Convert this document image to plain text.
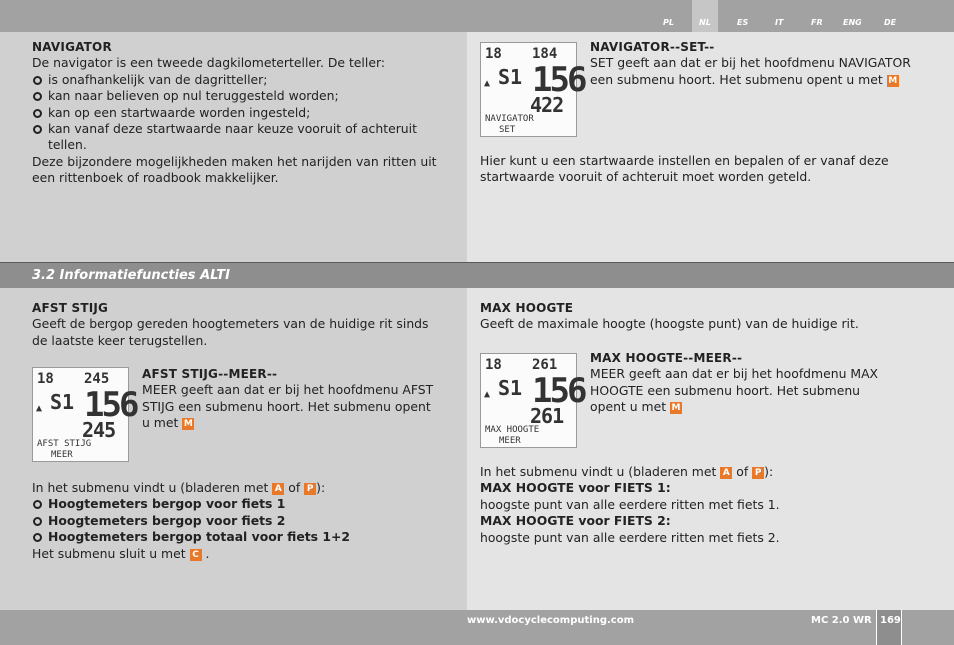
PL	NL	ES	IT	FR	ENG	DE
3.2 Informatiefuncties ALTI
NAVIGATOR
De navigator is een tweede dagkilometerteller. De teller:
is onafhankelijk van de dagritteller;
kan naar believen op nul teruggesteld worden;
kan op een startwaarde worden ingesteld;
kan vanaf deze startwaarde naar keuze vooruit of achteruit tellen.
Deze bijzondere mogelijkheden maken het narijden van ritten uit een rittenboek of roadbook makkelijker.
18 184
▲ S1 156
422
NAVIGATOR
SET
NAVIGATOR--SET--
SET geeft aan dat er bij het hoofdmenu NAVIGATOR een submenu hoort. Het submenu opent u met M
Hier kunt u een startwaarde instellen en bepalen of er vanaf deze startwaarde vooruit of achteruit moet worden geteld.
AFST STIJG
Geeft de bergop gereden hoogtemeters van de huidige rit sinds de laatste keer terugstellen.
18 245
▲ S1 156
245
AFST STIJG
MEER
AFST STIJG--MEER--
MEER geeft aan dat er bij het hoofdmenu AFST STIJG een submenu hoort. Het submenu opent u met M
In het submenu vindt u (bladeren met A of P ):
Hoogtemeters bergop voor fiets 1
Hoogtemeters bergop voor fiets 2
Hoogtemeters bergop totaal voor fiets 1+2
Het submenu sluit u met C .
MAX HOOGTE
Geeft de maximale hoogte (hoogste punt) van de huidige rit.
18 261
▲ S1 156
261
MAX HOOGTE
MEER
MAX HOOGTE--MEER--
MEER geeft aan dat er bij het hoofdmenu MAX HOOGTE een submenu hoort. Het submenu opent u met M
In het submenu vindt u (bladeren met A of P ):
MAX HOOGTE voor FIETS 1:
hoogste punt van alle eerdere ritten met fiets 1.
MAX HOOGTE voor FIETS 2:
hoogste punt van alle eerdere ritten met fiets 2.
www.vdocyclecomputing.com	MC 2.0 WR 169
